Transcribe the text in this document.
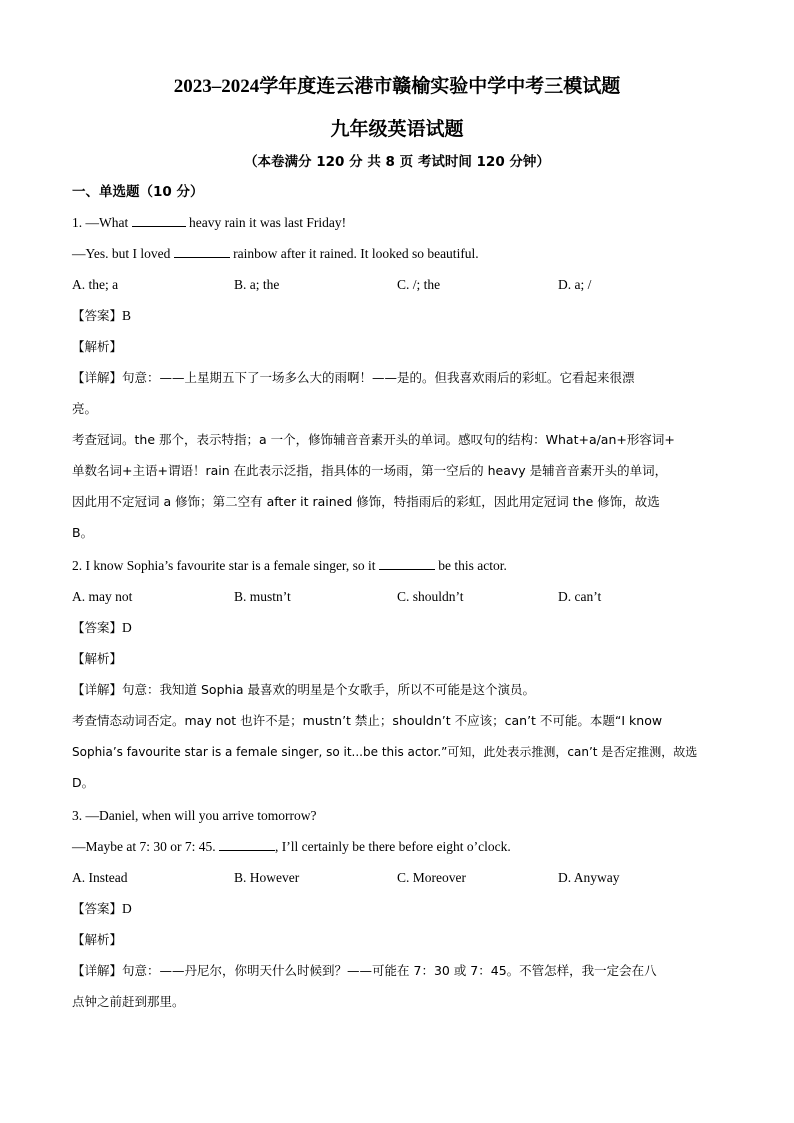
2023–2024学年度连云港市赣榆实验中学中考三模试题
九年级英语试题
（本卷满分 120 分 共 8 页 考试时间 120 分钟）
一、单选题（10 分）
1. —What	heavy rain it was last Friday!
—Yes. but I loved	rainbow after it rained. It looked so beautiful.
A. the; a	B. a; the	C. /; the	D. a; /
【答案】B
【解析】
【详解】句意：——上星期五下了一场多么大的雨啊！——是的。但我喜欢雨后的彩虹。它看起来很漂
亮。
考查冠词。the 那个，表示特指；a 一个，修饰辅音音素开头的单词。感叹句的结构：What+a/an+形容词+
单数名词+主语+谓语！rain 在此表示泛指，指具体的一场雨，第一空后的 heavy 是辅音音素开头的单词，
因此用不定冠词 a 修饰；第二空有 after it rained 修饰，特指雨后的彩虹，因此用定冠词 the 修饰，故选
B。
2. I know Sophia’s favourite star is a female singer, so it	be this actor.
A. may not	B. mustn’t	C. shouldn’t	D. can’t
【答案】D
【解析】
【详解】句意：我知道 Sophia 最喜欢的明星是个女歌手，所以不可能是这个演员。
考查情态动词否定。may not 也许不是；mustn’t 禁止；shouldn’t 不应该；can’t 不可能。本题“I know
Sophia’s favourite star is a female singer, so it...be this actor.”可知，此处表示推测，can’t 是否定推测，故选
D。
3. —Daniel, when will you arrive tomorrow?
—Maybe at 7: 30 or 7: 45.	, I’ll certainly be there before eight o’clock.
A. Instead	B. However	C. Moreover	D. Anyway
【答案】D
【解析】
【详解】句意：——丹尼尔，你明天什么时候到？——可能在 7：30 或 7：45。不管怎样，我一定会在八
点钟之前赶到那里。
